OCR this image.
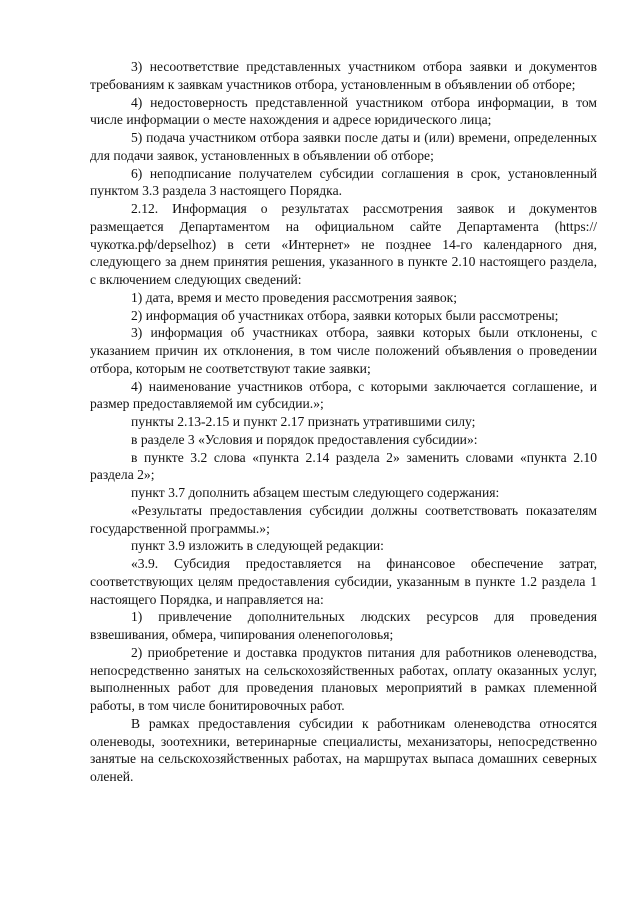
3) несоответствие представленных участником отбора заявки и документов требованиям к заявкам участников отбора, установленным в объявлении об отборе;

4) недостоверность представленной участником отбора информации, в том числе информации о месте нахождения и адресе юридического лица;

5) подача участником отбора заявки после даты и (или) времени, определенных для подачи заявок, установленных в объявлении об отборе;

6) неподписание получателем субсидии соглашения в срок, установленный пунктом 3.3 раздела 3 настоящего Порядка.

2.12. Информация о результатах рассмотрения заявок и документов размещается Департаментом на официальном сайте Департамента (https://чукотка.рф/depselhoz) в сети «Интернет» не позднее 14-го календарного дня, следующего за днем принятия решения, указанного в пункте 2.10 настоящего раздела, с включением следующих сведений:

1) дата, время и место проведения рассмотрения заявок;

2) информация об участниках отбора, заявки которых были рассмотрены;

3) информация об участниках отбора, заявки которых были отклонены, с указанием причин их отклонения, в том числе положений объявления о проведении отбора, которым не соответствуют такие заявки;

4) наименование участников отбора, с которыми заключается соглашение, и размер предоставляемой им субсидии.»;

пункты 2.13-2.15 и пункт 2.17 признать утратившими силу;

в разделе 3 «Условия и порядок предоставления субсидии»:

в пункте 3.2 слова «пункта 2.14 раздела 2» заменить словами «пункта 2.10 раздела 2»;

пункт 3.7 дополнить абзацем шестым следующего содержания:

«Результаты предоставления субсидии должны соответствовать показателям государственной программы.»;

пункт 3.9 изложить в следующей редакции:

«3.9. Субсидия предоставляется на финансовое обеспечение затрат, соответствующих целям предоставления субсидии, указанным в пункте 1.2 раздела 1 настоящего Порядка, и направляется на:

1) привлечение дополнительных людских ресурсов для проведения взвешивания, обмера, чипирования оленепоголовья;

2) приобретение и доставка продуктов питания для работников оленеводства, непосредственно занятых на сельскохозяйственных работах, оплату оказанных услуг, выполненных работ для проведения плановых мероприятий в рамках племенной работы, в том числе бонитировочных работ.

В рамках предоставления субсидии к работникам оленеводства относятся оленеводы, зоотехники, ветеринарные специалисты, механизаторы, непосредственно занятые на сельскохозяйственных работах, на маршрутах выпаса домашних северных оленей.
